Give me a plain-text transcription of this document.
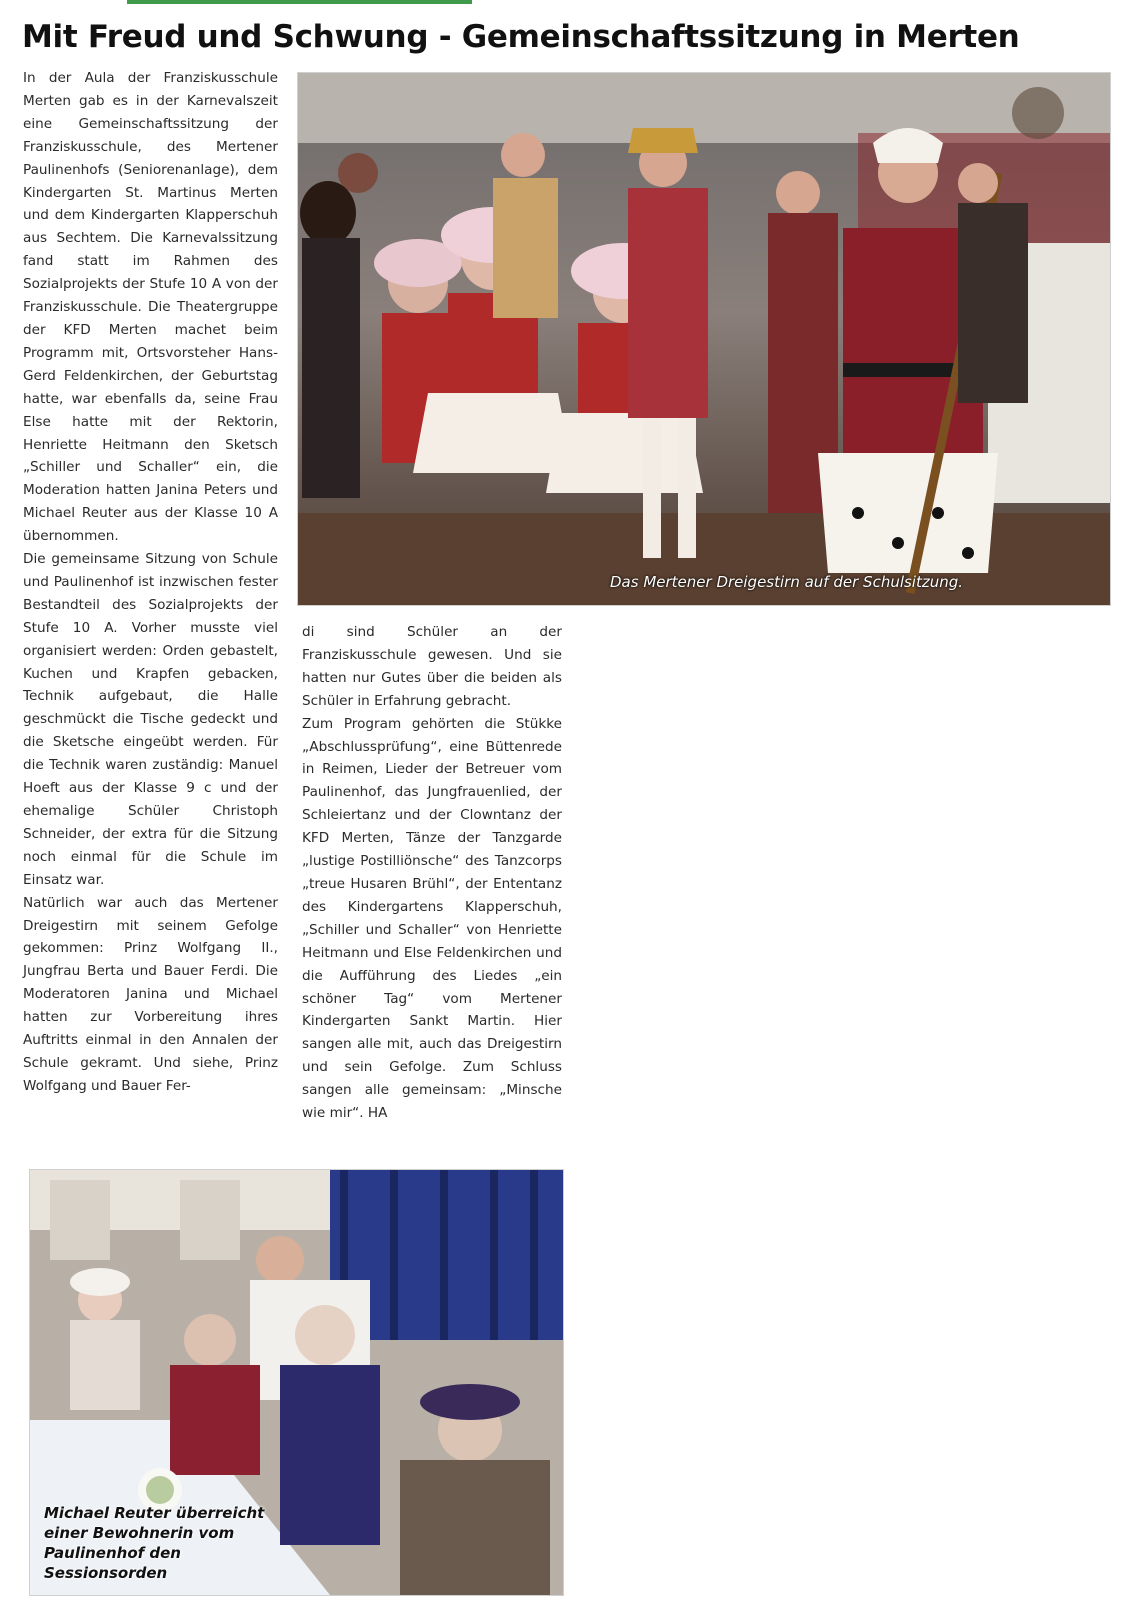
Mit Freud und Schwung - Gemeinschaftssitzung in Merten

In der Aula der Franziskusschule Merten gab es in der Karnevalszeit eine Gemeinschaftssitzung der Franziskusschule, des Mertener Paulinenhofs (Seniorenanlage), dem Kindergarten St. Martinus Merten und dem Kindergarten Klapperschuh aus Sechtem. Die Karnevalssitzung fand statt im Rahmen des Sozialprojekts der Stufe 10 A von der Franziskusschule. Die Theatergruppe der KFD Merten machet beim Programm mit, Ortsvorsteher Hans-Gerd Feldenkirchen, der Geburtstag hatte, war ebenfalls da, seine Frau Else hatte mit der Rektorin, Henriette Heitmann den Sketsch „Schiller und Schaller“ ein, die Moderation hatten Janina Peters und Michael Reuter aus der Klasse 10 A übernommen.

Die gemeinsame Sitzung von Schule und Paulinenhof ist inzwischen fester Bestandteil des Sozialprojekts der Stufe 10 A. Vorher musste viel organisiert werden: Orden gebastelt, Kuchen und Krapfen gebacken, Technik aufgebaut, die Halle geschmückt die Tische gedeckt und die Sketsche eingeübt werden. Für die Technik waren zuständig: Manuel Hoeft aus der Klasse 9 c und der ehemalige Schüler Christoph Schneider, der extra für die Sitzung noch einmal für die Schule im Einsatz war.

Natürlich war auch das Mertener Dreigestirn mit seinem Gefolge gekommen: Prinz Wolfgang II., Jungfrau Berta und Bauer Ferdi. Die Moderatoren Janina und Michael hatten zur Vorbereitung ihres Auftritts einmal in den Annalen der Schule gekramt. Und siehe, Prinz Wolfgang und Bauer Fer-

di sind Schüler an der Franziskusschule gewesen. Und sie hatten nur Gutes über die beiden als Schüler in Erfahrung gebracht.

Zum Program gehörten die Stükke „Abschlussprüfung“, eine Büttenrede in Reimen, Lieder der Betreuer vom Paulinenhof, das Jungfrauenlied, der Schleiertanz und der Clowntanz der KFD Merten, Tänze der Tanzgarde „lustige Postilliönsche“ des Tanzcorps „treue Husaren Brühl“, der Ententanz des Kindergartens Klapperschuh, „Schiller und Schaller“ von Henriette Heitmann und Else Feldenkirchen und die Aufführung des Liedes „ein schöner Tag“ vom Mertener Kindergarten Sankt Martin. Hier sangen alle mit, auch das Dreigestirn und sein Gefolge. Zum Schluss sangen alle gemeinsam: „Minsche wie mir“. HA

Das Mertener Dreigestirn auf der Schulsitzung.
Michael Reuter überreicht einer Bewohnerin vom Paulinenhof den Sessionsorden
